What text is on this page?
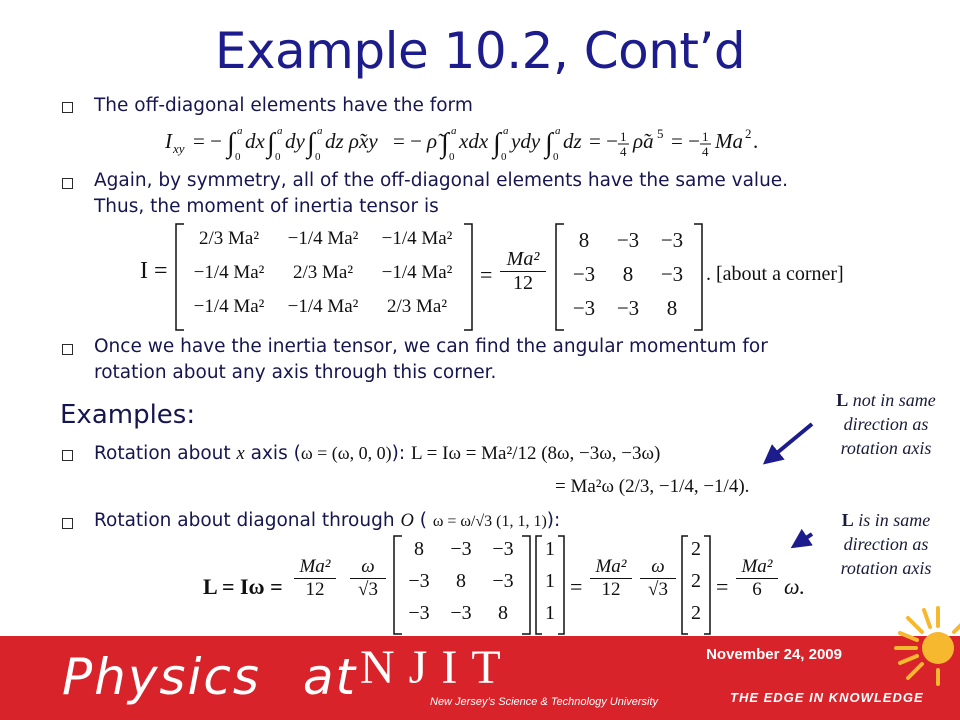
Example 10.2, Cont’d
The off-diagonal elements have the form
I xy = − ∫ 0
a dx ∫ 0
a dy ∫ 0
a dz ρ̃xy = − ρ̃ ∫ 0
a xdx ∫ 0
a ydy ∫ 0
a dz = − 1
4 ρ̃a 5 = − 1
4 Ma 2 .
Again, by symmetry, all of the off-diagonal elements have the same value.
Thus, the moment of inertia tensor is
I =
2/3 Ma²	−1/4 Ma²	−1/4 Ma²
−1/4 Ma²	2/3 Ma²	−1/4 Ma²
−1/4 Ma²	−1/4 Ma²	2/3 Ma²
= $\frac{\text{Ma²}}{12}$
8	−3	−3
−3	8	−3
−3	−3	8
. [about a corner]
Once we have the inertia tensor, we can find the angular momentum for
rotation about any axis through this corner.
Examples:
Rotation about x axis (ω = (ω, 0, 0)): L = Iω = Ma²/12 (8ω, −3ω, −3ω)
= Ma²ω (2/3, −1/4, −1/4).
Rotation about diagonal through O ( ω = ω/√3 (1, 1, 1)):
$L = I\omega = \frac{\text{Ma²}}{12} \frac{\omega}{√3}$
8	−3	−3
−3	8	−3
−3	−3	8
1
1
1
= $\frac{\text{Ma²}}{12} \frac{\omega}{√3}$
2
2
2
= $\frac{\text{Ma²}}{6} \omega$.
L not in same
direction as
rotation axis
L is in same
direction as
rotation axis
November 24, 2009
Physics at NJIT
New Jersey’s Science & Technology University	THE EDGE IN KNOWLEDGE
